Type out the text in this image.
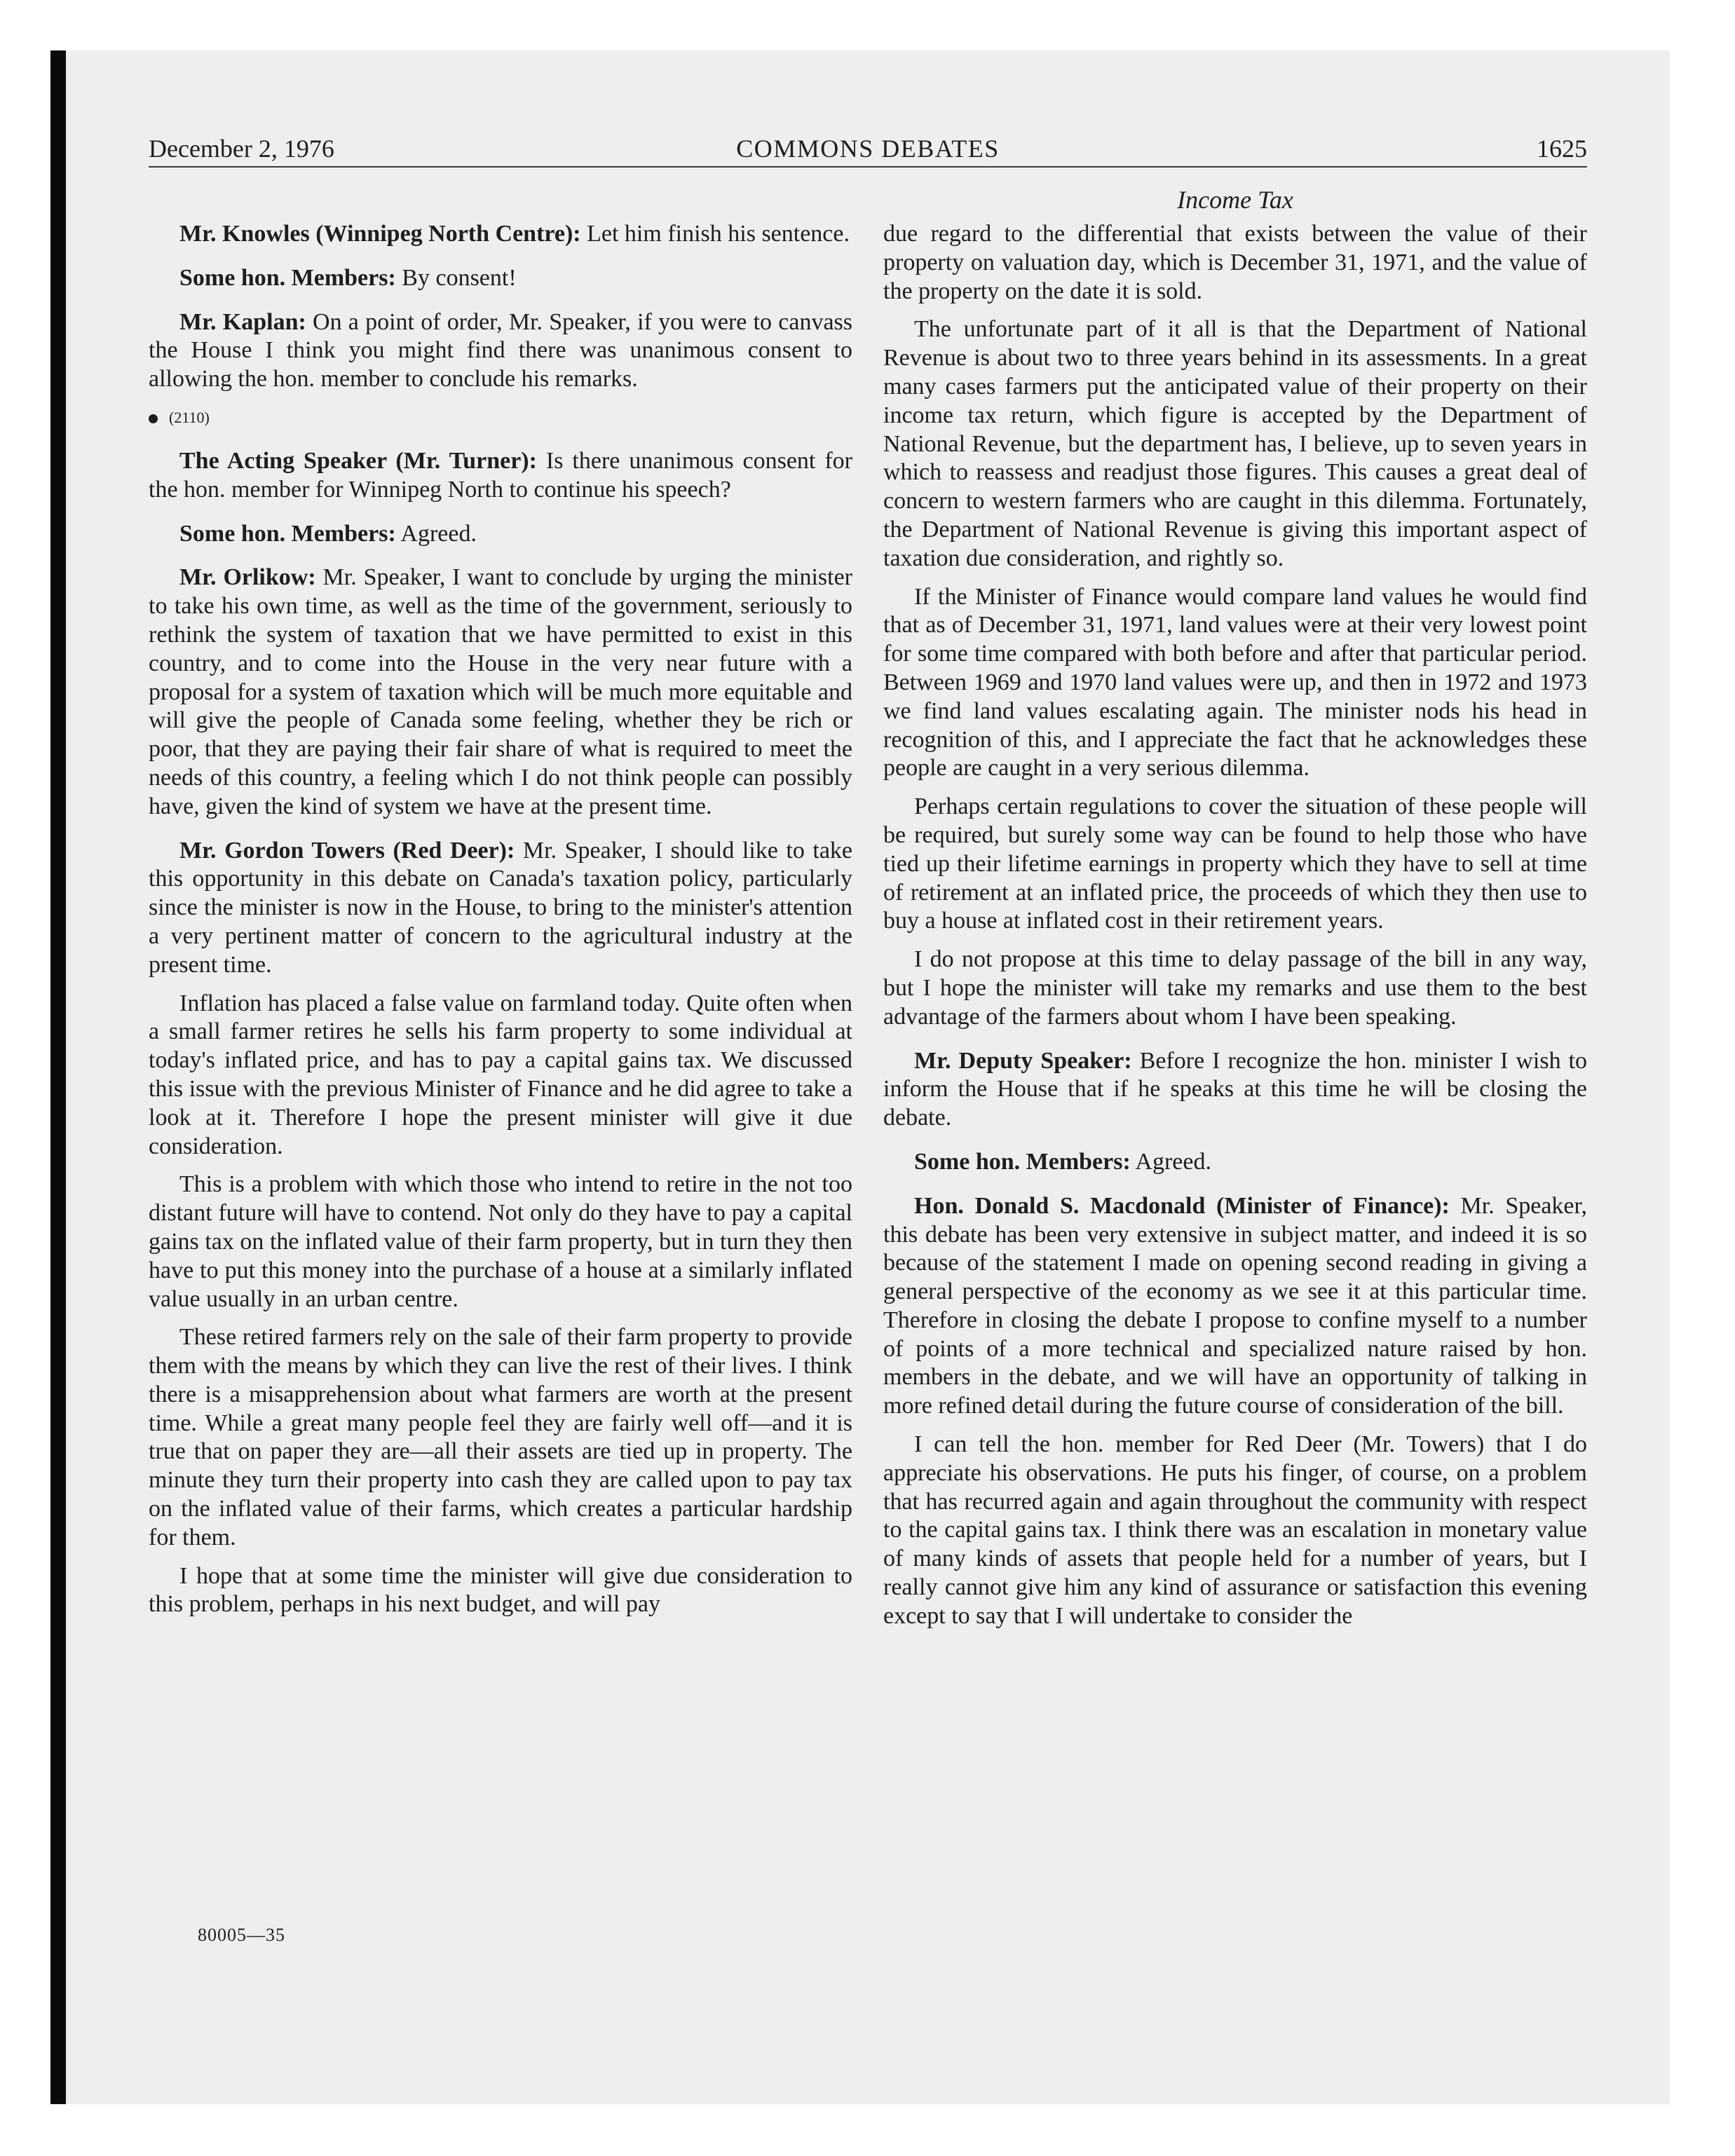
December 2, 1976	COMMONS DEBATES	1625
Income Tax

Mr. Knowles (Winnipeg North Centre): Let him finish his sentence.

Some hon. Members: By consent!

Mr. Kaplan: On a point of order, Mr. Speaker, if you were to canvass the House I think you might find there was unanimous consent to allowing the hon. member to conclude his remarks.

(2110)

The Acting Speaker (Mr. Turner): Is there unanimous consent for the hon. member for Winnipeg North to continue his speech?

Some hon. Members: Agreed.

Mr. Orlikow: Mr. Speaker, I want to conclude by urging the minister to take his own time, as well as the time of the government, seriously to rethink the system of taxation that we have permitted to exist in this country, and to come into the House in the very near future with a proposal for a system of taxation which will be much more equitable and will give the people of Canada some feeling, whether they be rich or poor, that they are paying their fair share of what is required to meet the needs of this country, a feeling which I do not think people can possibly have, given the kind of system we have at the present time.

Mr. Gordon Towers (Red Deer): Mr. Speaker, I should like to take this opportunity in this debate on Canada's taxation policy, particularly since the minister is now in the House, to bring to the minister's attention a very pertinent matter of concern to the agricultural industry at the present time.

Inflation has placed a false value on farmland today. Quite often when a small farmer retires he sells his farm property to some individual at today's inflated price, and has to pay a capital gains tax. We discussed this issue with the previous Minister of Finance and he did agree to take a look at it. Therefore I hope the present minister will give it due consideration.

This is a problem with which those who intend to retire in the not too distant future will have to contend. Not only do they have to pay a capital gains tax on the inflated value of their farm property, but in turn they then have to put this money into the purchase of a house at a similarly inflated value usually in an urban centre.

These retired farmers rely on the sale of their farm property to provide them with the means by which they can live the rest of their lives. I think there is a misapprehension about what farmers are worth at the present time. While a great many people feel they are fairly well off—and it is true that on paper they are—all their assets are tied up in property. The minute they turn their property into cash they are called upon to pay tax on the inflated value of their farms, which creates a particular hardship for them.

I hope that at some time the minister will give due consideration to this problem, perhaps in his next budget, and will pay

due regard to the differential that exists between the value of their property on valuation day, which is December 31, 1971, and the value of the property on the date it is sold.

The unfortunate part of it all is that the Department of National Revenue is about two to three years behind in its assessments. In a great many cases farmers put the anticipated value of their property on their income tax return, which figure is accepted by the Department of National Revenue, but the department has, I believe, up to seven years in which to reassess and readjust those figures. This causes a great deal of concern to western farmers who are caught in this dilemma. Fortunately, the Department of National Revenue is giving this important aspect of taxation due consideration, and rightly so.

If the Minister of Finance would compare land values he would find that as of December 31, 1971, land values were at their very lowest point for some time compared with both before and after that particular period. Between 1969 and 1970 land values were up, and then in 1972 and 1973 we find land values escalating again. The minister nods his head in recognition of this, and I appreciate the fact that he acknowledges these people are caught in a very serious dilemma.

Perhaps certain regulations to cover the situation of these people will be required, but surely some way can be found to help those who have tied up their lifetime earnings in property which they have to sell at time of retirement at an inflated price, the proceeds of which they then use to buy a house at inflated cost in their retirement years.

I do not propose at this time to delay passage of the bill in any way, but I hope the minister will take my remarks and use them to the best advantage of the farmers about whom I have been speaking.

Mr. Deputy Speaker: Before I recognize the hon. minister I wish to inform the House that if he speaks at this time he will be closing the debate.

Some hon. Members: Agreed.

Hon. Donald S. Macdonald (Minister of Finance): Mr. Speaker, this debate has been very extensive in subject matter, and indeed it is so because of the statement I made on opening second reading in giving a general perspective of the economy as we see it at this particular time. Therefore in closing the debate I propose to confine myself to a number of points of a more technical and specialized nature raised by hon. members in the debate, and we will have an opportunity of talking in more refined detail during the future course of consideration of the bill.

I can tell the hon. member for Red Deer (Mr. Towers) that I do appreciate his observations. He puts his finger, of course, on a problem that has recurred again and again throughout the community with respect to the capital gains tax. I think there was an escalation in monetary value of many kinds of assets that people held for a number of years, but I really cannot give him any kind of assurance or satisfaction this evening except to say that I will undertake to consider the

80005—35
